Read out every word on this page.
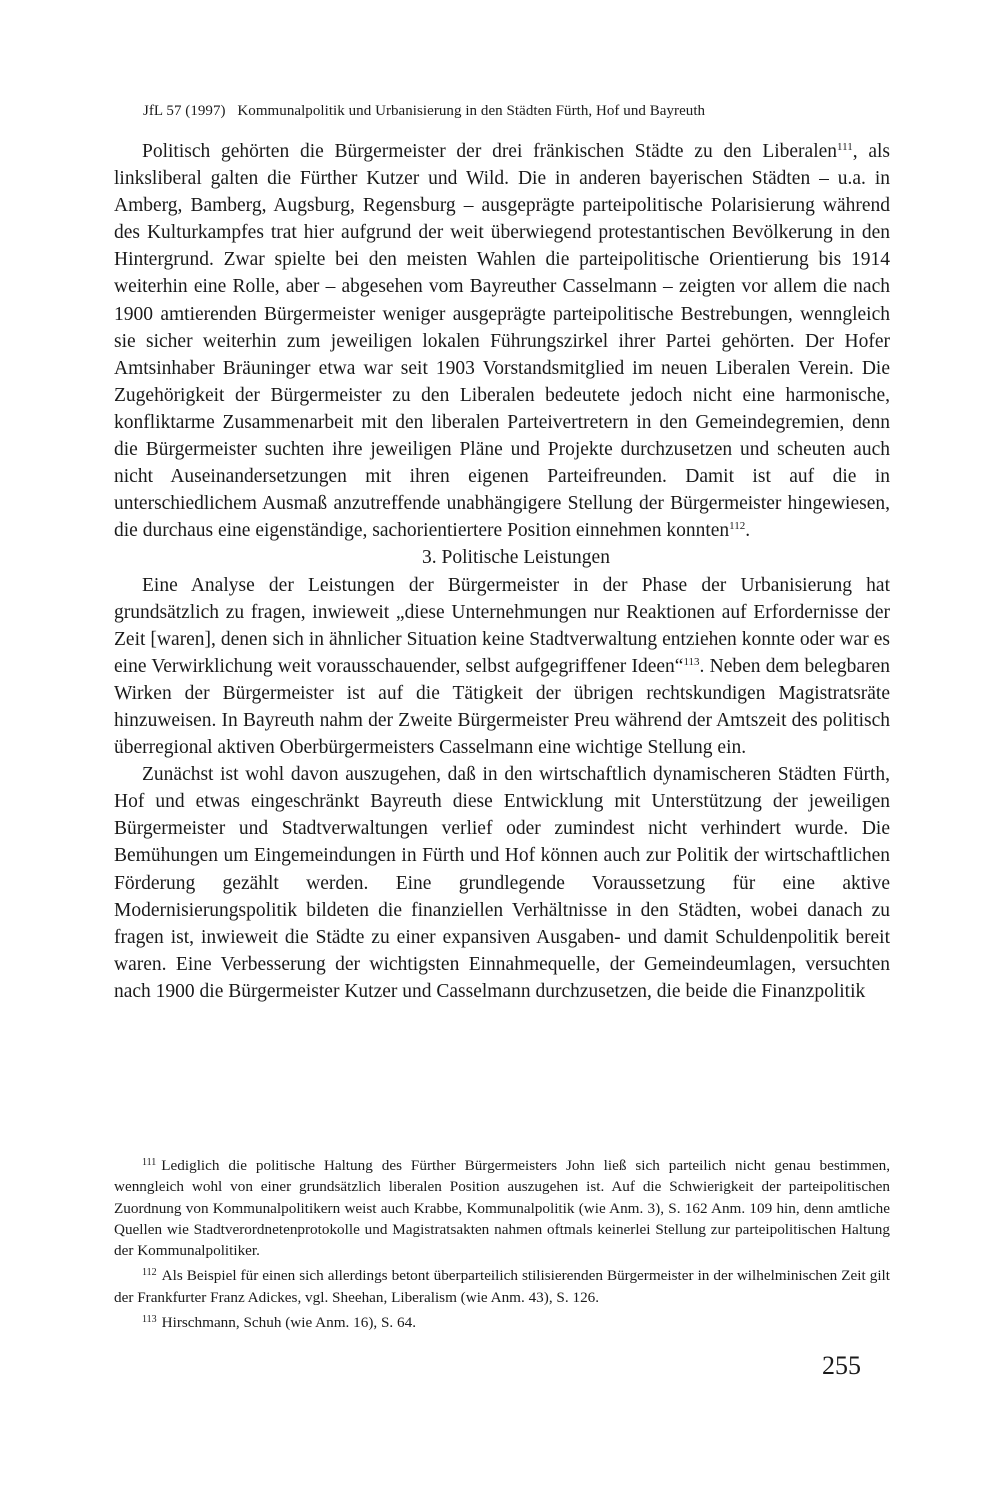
JfL 57 (1997) Kommunalpolitik und Urbanisierung in den Städten Fürth, Hof und Bayreuth

Politisch gehörten die Bürgermeister der drei fränkischen Städte zu den Liberalen$^{111}$, als linksliberal galten die Fürther Kutzer und Wild. Die in anderen bayerischen Städten – u.a. in Amberg, Bamberg, Augsburg, Regensburg – ausgeprägte parteipolitische Polarisierung während des Kulturkampfes trat hier aufgrund der weit überwiegend protestantischen Bevölkerung in den Hintergrund. Zwar spielte bei den meisten Wahlen die parteipolitische Orientierung bis 1914 weiterhin eine Rolle, aber – abgesehen vom Bayreuther Casselmann – zeigten vor allem die nach 1900 amtierenden Bürgermeister weniger ausgeprägte parteipolitische Bestrebungen, wenngleich sie sicher weiterhin zum jeweiligen lokalen Führungszirkel ihrer Partei gehörten. Der Hofer Amtsinhaber Bräuninger etwa war seit 1903 Vorstandsmitglied im neuen Liberalen Verein. Die Zugehörigkeit der Bürgermeister zu den Liberalen bedeutete jedoch nicht eine harmonische, konfliktarme Zusammenarbeit mit den liberalen Parteivertretern in den Gemeindegremien, denn die Bürgermeister suchten ihre jeweiligen Pläne und Projekte durchzusetzen und scheuten auch nicht Auseinandersetzungen mit ihren eigenen Parteifreunden. Damit ist auf die in unterschiedlichem Ausmaß anzutreffende unabhängigere Stellung der Bürgermeister hingewiesen, die durchaus eine eigenständige, sachorientiertere Position einnehmen konnten$^{112}$.

3. Politische Leistungen

Eine Analyse der Leistungen der Bürgermeister in der Phase der Urbanisierung hat grundsätzlich zu fragen, inwieweit „diese Unternehmungen nur Reaktionen auf Erfordernisse der Zeit [waren], denen sich in ähnlicher Situation keine Stadtverwaltung entziehen konnte oder war es eine Verwirklichung weit vorausschauender, selbst aufgegriffener Ideen“$^{113}$. Neben dem belegbaren Wirken der Bürgermeister ist auf die Tätigkeit der übrigen rechtskundigen Magistratsräte hinzuweisen. In Bayreuth nahm der Zweite Bürgermeister Preu während der Amtszeit des politisch überregional aktiven Oberbürgermeisters Casselmann eine wichtige Stellung ein.

Zunächst ist wohl davon auszugehen, daß in den wirtschaftlich dynamischeren Städten Fürth, Hof und etwas eingeschränkt Bayreuth diese Entwicklung mit Unterstützung der jeweiligen Bürgermeister und Stadtverwaltungen verlief oder zumindest nicht verhindert wurde. Die Bemühungen um Eingemeindungen in Fürth und Hof können auch zur Politik der wirtschaftlichen Förderung gezählt werden. Eine grundlegende Voraussetzung für eine aktive Modernisierungspolitik bildeten die finanziellen Verhältnisse in den Städten, wobei danach zu fragen ist, inwieweit die Städte zu einer expansiven Ausgaben- und damit Schuldenpolitik bereit waren. Eine Verbesserung der wichtigsten Einnahmequelle, der Gemeindeumlagen, versuchten nach 1900 die Bürgermeister Kutzer und Casselmann durchzusetzen, die beide die Finanzpolitik

$^{111}$ Lediglich die politische Haltung des Fürther Bürgermeisters John ließ sich parteilich nicht genau bestimmen, wenngleich wohl von einer grundsätzlich liberalen Position auszugehen ist. Auf die Schwierigkeit der parteipolitischen Zuordnung von Kommunalpolitikern weist auch Krabbe, Kommunalpolitik (wie Anm. 3), S. 162 Anm. 109 hin, denn amtliche Quellen wie Stadtverordnetenprotokolle und Magistratsakten nahmen oftmals keinerlei Stellung zur parteipolitischen Haltung der Kommunalpolitiker.

$^{112}$ Als Beispiel für einen sich allerdings betont überparteilich stilisierenden Bürgermeister in der wilhelminischen Zeit gilt der Frankfurter Franz Adickes, vgl. Sheehan, Liberalism (wie Anm. 43), S. 126.

$^{113}$ Hirschmann, Schuh (wie Anm. 16), S. 64.

255
